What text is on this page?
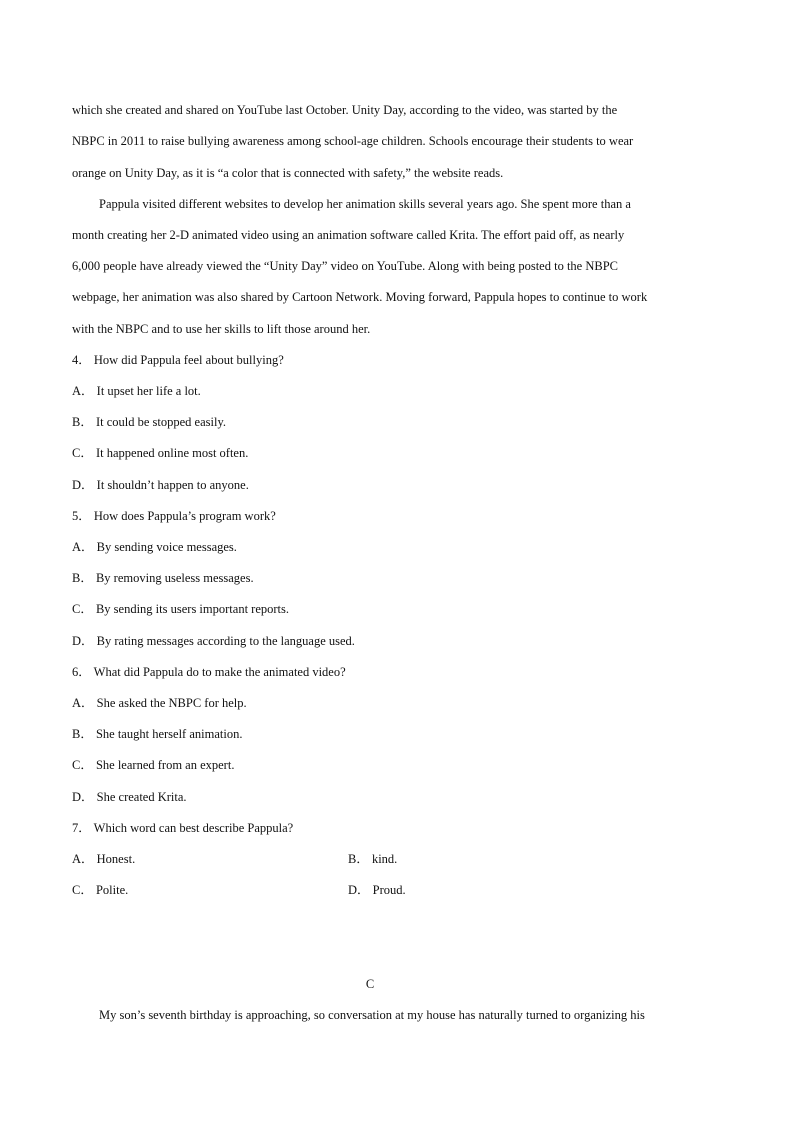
which she created and shared on YouTube last October. Unity Day, according to the video, was started by the
NBPC in 2011 to raise bullying awareness among school-age children. Schools encourage their students to wear
orange on Unity Day, as it is “a color that is connected with safety,” the website reads.
Pappula visited different websites to develop her animation skills several years ago. She spent more than a
month creating her 2-D animated video using an animation software called Krita. The effort paid off, as nearly
6,000 people have already viewed the “Unity Day” video on YouTube. Along with being posted to the NBPC
webpage, her animation was also shared by Cartoon Network. Moving forward, Pappula hopes to continue to work
with the NBPC and to use her skills to lift those around her.
4． How did Pappula feel about bullying?
A． It upset her life a lot.
B． It could be stopped easily.
C． It happened online most often.
D． It shouldn’t happen to anyone.
5． How does Pappula’s program work?
A． By sending voice messages.
B． By removing useless messages.
C． By sending its users important reports.
D． By rating messages according to the language used.
6． What did Pappula do to make the animated video?
A． She asked the NBPC for help.
B． She taught herself animation.
C． She learned from an expert.
D． She created Krita.
7． Which word can best describe Pappula?
A． Honest.	B． kind.
C． Polite.	D． Proud.
C
My son’s seventh birthday is approaching, so conversation at my house has naturally turned to organizing his
